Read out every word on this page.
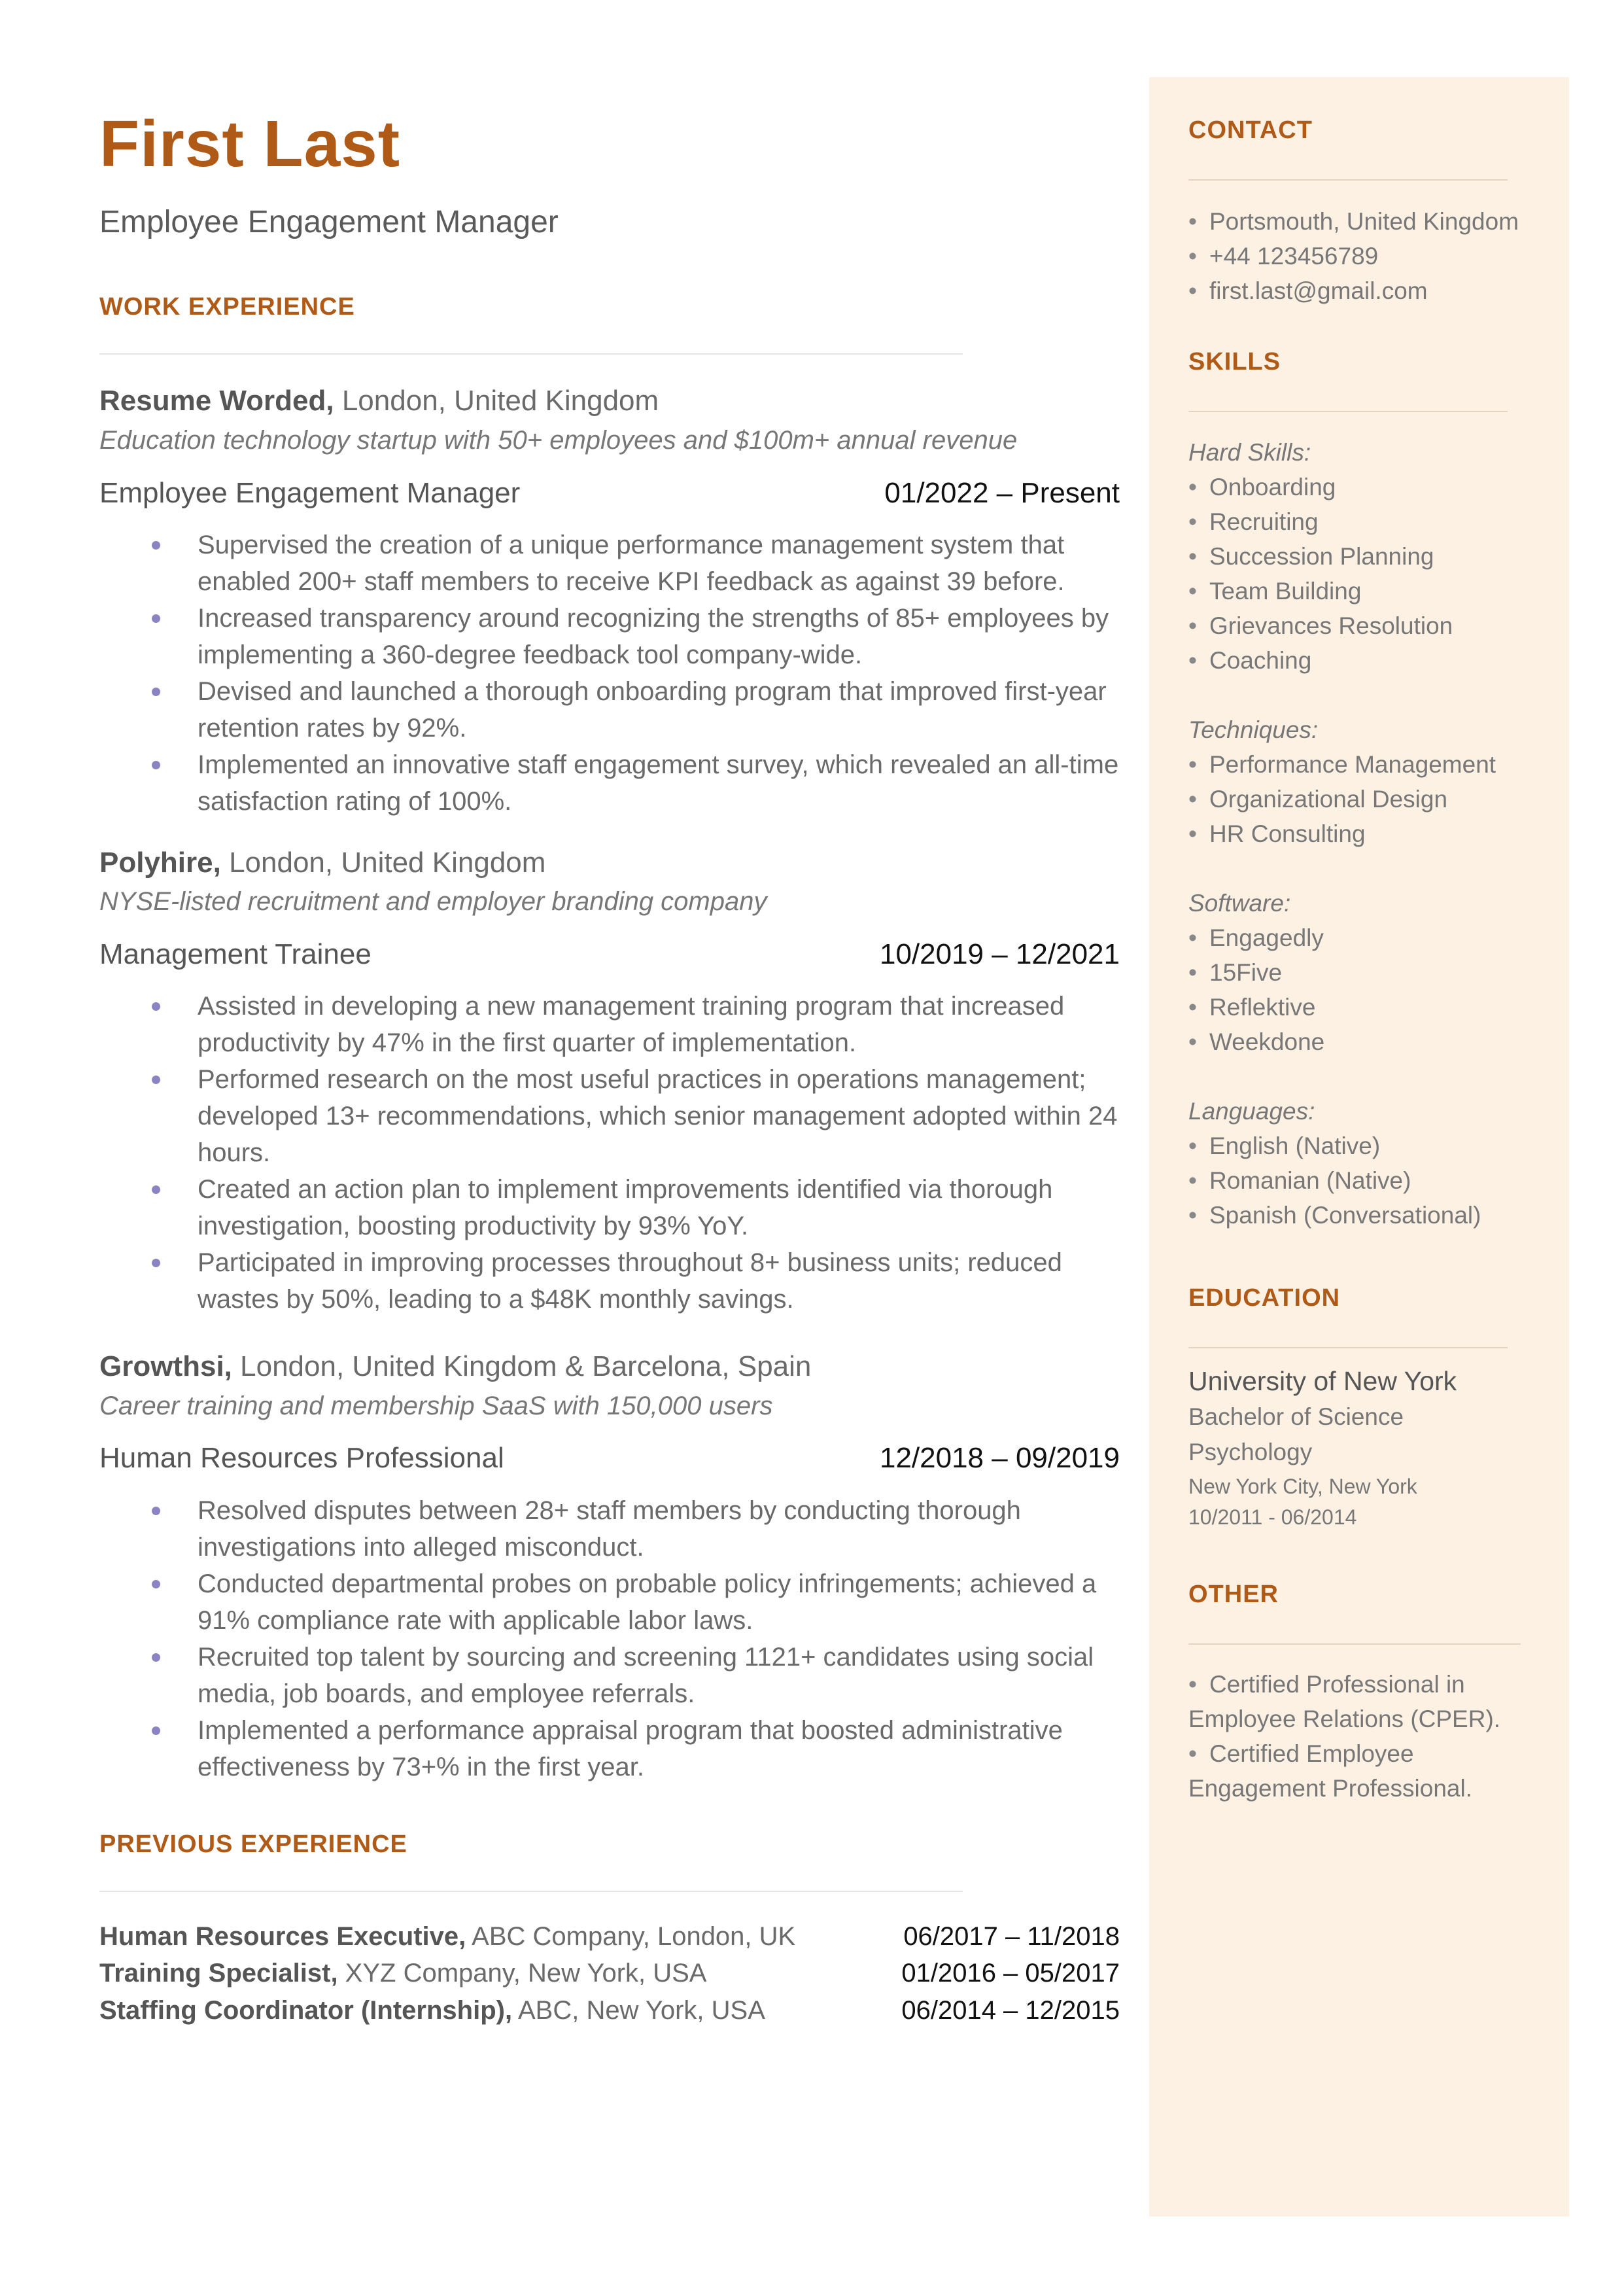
First Last
Employee Engagement Manager
WORK EXPERIENCE
Resume Worded, London, United Kingdom
Education technology startup with 50+ employees and $100m+ annual revenue
Employee Engagement Manager	01/2022 – Present
Supervised the creation of a unique performance management system that enabled 200+ staff members to receive KPI feedback as against 39 before.
Increased transparency around recognizing the strengths of 85+ employees by implementing a 360-degree feedback tool company-wide.
Devised and launched a thorough onboarding program that improved first-year retention rates by 92%.
Implemented an innovative staff engagement survey, which revealed an all-time satisfaction rating of 100%.
Polyhire, London, United Kingdom
NYSE-listed recruitment and employer branding company
Management Trainee	10/2019 – 12/2021
Assisted in developing a new management training program that increased productivity by 47% in the first quarter of implementation.
Performed research on the most useful practices in operations management; developed 13+ recommendations, which senior management adopted within 24 hours.
Created an action plan to implement improvements identified via thorough investigation, boosting productivity by 93% YoY.
Participated in improving processes throughout 8+ business units; reduced wastes by 50%, leading to a $48K monthly savings.
Growthsi, London, United Kingdom & Barcelona, Spain
Career training and membership SaaS with 150,000 users
Human Resources Professional	12/2018 – 09/2019
Resolved disputes between 28+ staff members by conducting thorough investigations into alleged misconduct.
Conducted departmental probes on probable policy infringements; achieved a 91% compliance rate with applicable labor laws.
Recruited top talent by sourcing and screening 1121+ candidates using social media, job boards, and employee referrals.
Implemented a performance appraisal program that boosted administrative effectiveness by 73+% in the first year.
PREVIOUS EXPERIENCE
Human Resources Executive, ABC Company, London, UK	06/2017 – 11/2018
Training Specialist, XYZ Company, New York, USA	01/2016 – 05/2017
Staffing Coordinator (Internship), ABC, New York, USA	06/2014 – 12/2015
CONTACT
• Portsmouth, United Kingdom
• +44 123456789
• first.last@gmail.com
SKILLS
Hard Skills:
• Onboarding
• Recruiting
• Succession Planning
• Team Building
• Grievances Resolution
• Coaching

Techniques:
• Performance Management
• Organizational Design
• HR Consulting

Software:
• Engagedly
• 15Five
• Reflektive
• Weekdone

Languages:
• English (Native)
• Romanian (Native)
• Spanish (Conversational)
EDUCATION
University of New York
Bachelor of Science
Psychology
New York City, New York
10/2011 - 06/2014
OTHER
• Certified Professional in Employee Relations (CPER).
• Certified Employee Engagement Professional.
